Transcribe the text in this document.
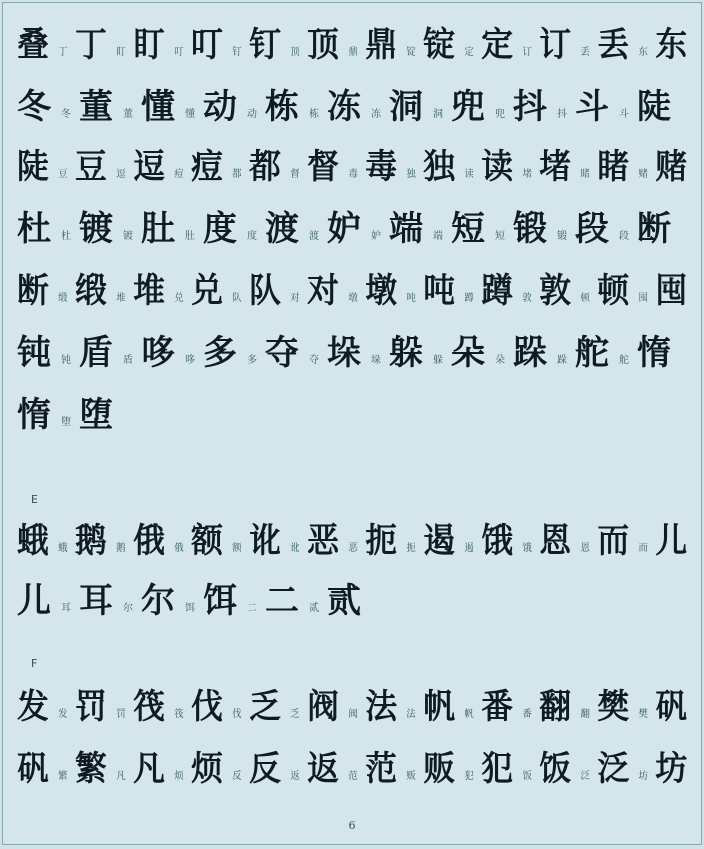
叠 丁 丁 盯 盯 叮 叮 钉 钉 顶 顶 鼎 鼎 锭 锭 定 定 订 订 丢 丢 东 东
冬 冬 董 董 懂 懂 动 动 栋 栋 冻 冻 洞 洞 兜 兜 抖 抖 斗 斗 陡
陡 豆 豆 逗 逗 痘 痘 都 都 督 督 毒 毒 独 独 读 读 堵 堵 睹 睹 赌 赌
杜 杜 镀 镀 肚 肚 度 度 渡 渡 妒 妒 端 端 短 短 锻 锻 段 段 断
断 缎 缎 堆 堆 兑 兑 队 队 对 对 墩 墩 吨 吨 蹲 蹲 敦 敦 顿 顿 囤 囤
钝 钝 盾 盾 哆 哆 多 多 夺 夺 垛 垛 躲 躲 朵 朵 跺 跺 舵 舵 惰
惰 堕 堕
E
蛾 蛾 鹅 鹅 俄 俄 额 额 讹 讹 恶 恶 扼 扼 遏 遏 饿 饿 恩 恩 而 而 儿
儿 耳 耳 尔 尔 饵 饵 二 二 贰 贰
F
发 发 罚 罚 筏 筏 伐 伐 乏 乏 阀 阀 法 法 帆 帆 番 番 翻 翻 樊 樊 矾
矾 繁 繁 凡 凡 烦 烦 反 反 返 返 范 范 贩 贩 犯 犯 饭 饭 泛 泛 坊 坊
6
